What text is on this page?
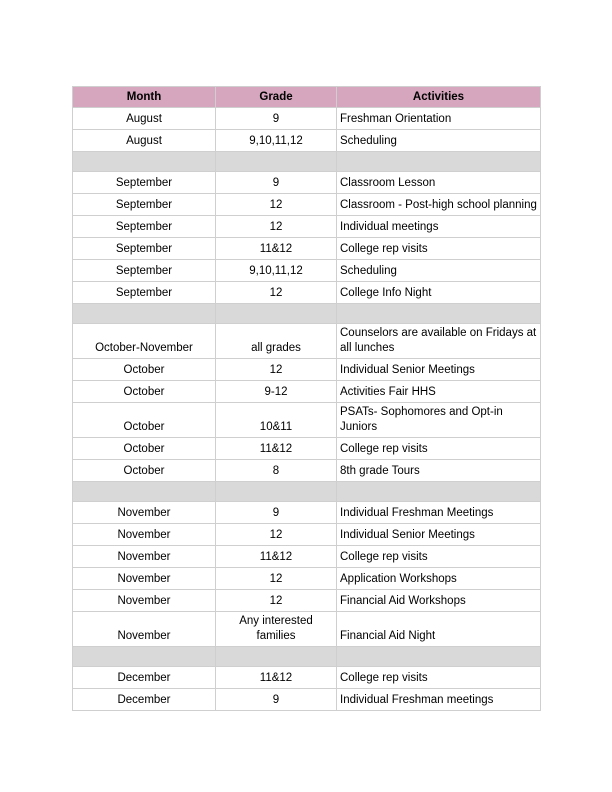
Month	Grade	Activities
August	9	Freshman Orientation
August	9,10,11,12	Scheduling

September	9	Classroom Lesson
September	12	Classroom - Post-high school planning
September	12	Individual meetings
September	11&12	College rep visits
September	9,10,11,12	Scheduling
September	12	College Info Night

October-November	all grades	Counselors are available on Fridays at all lunches
October	12	Individual Senior Meetings
October	9-12	Activities Fair HHS
October	10&11	PSATs- Sophomores and Opt-in Juniors
October	11&12	College rep visits
October	8	8th grade Tours

November	9	Individual Freshman Meetings
November	12	Individual Senior Meetings
November	11&12	College rep visits
November	12	Application Workshops
November	12	Financial Aid Workshops
November	Any interested families	Financial Aid Night

December	11&12	College rep visits
December	9	Individual Freshman meetings
